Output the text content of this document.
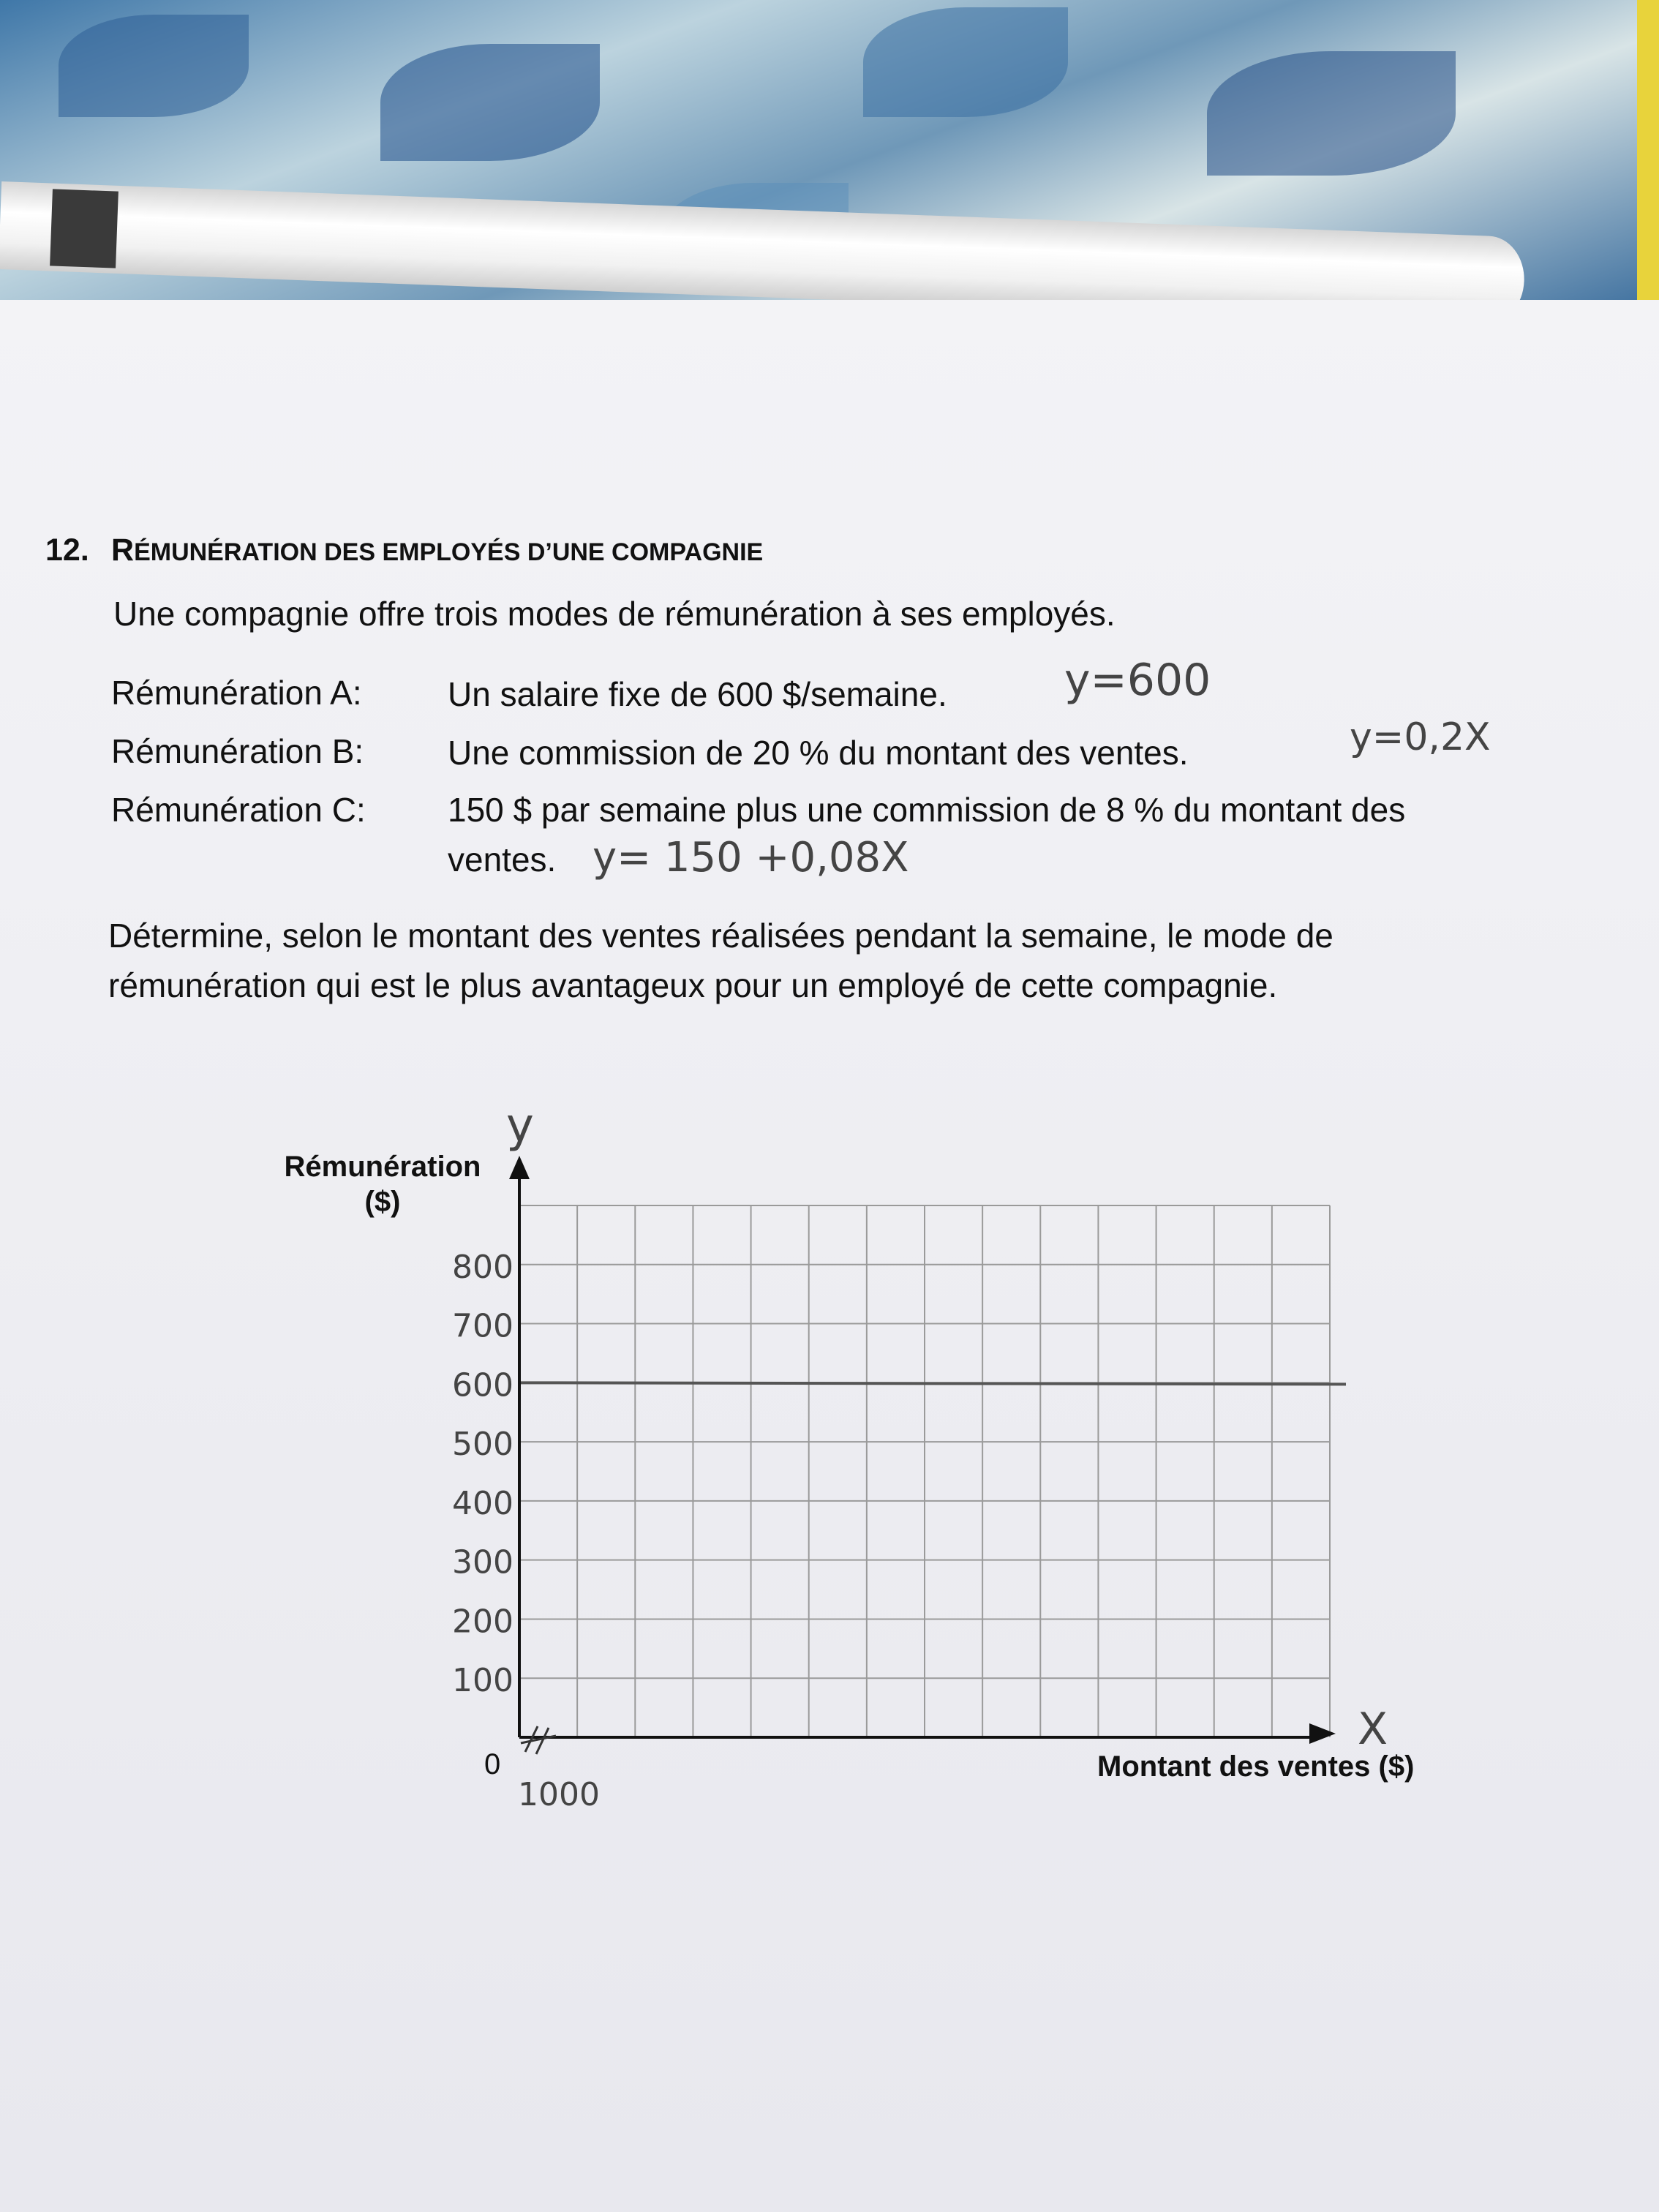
12. RÉMUNÉRATION DES EMPLOYÉS D’UNE COMPAGNIE
Une compagnie offre trois modes de rémunération à ses employés.
Rémunération A:	Un salaire fixe de 600 $/semaine.	y=600
Rémunération B: Une commission de 20 % du montant des ventes.	y=0,2X
Rémunération C: 150 $ par semaine plus une commission de 8 % du montant des
ventes. y= 150 +0,08X
Détermine, selon le montant des ventes réalisées pendant la semaine, le mode de
rémunération qui est le plus avantageux pour un employé de cette compagnie.
Rémunération
($)
y
X
Montant des ventes ($)
0
1000
800
700
600
500
400
300
200
100
